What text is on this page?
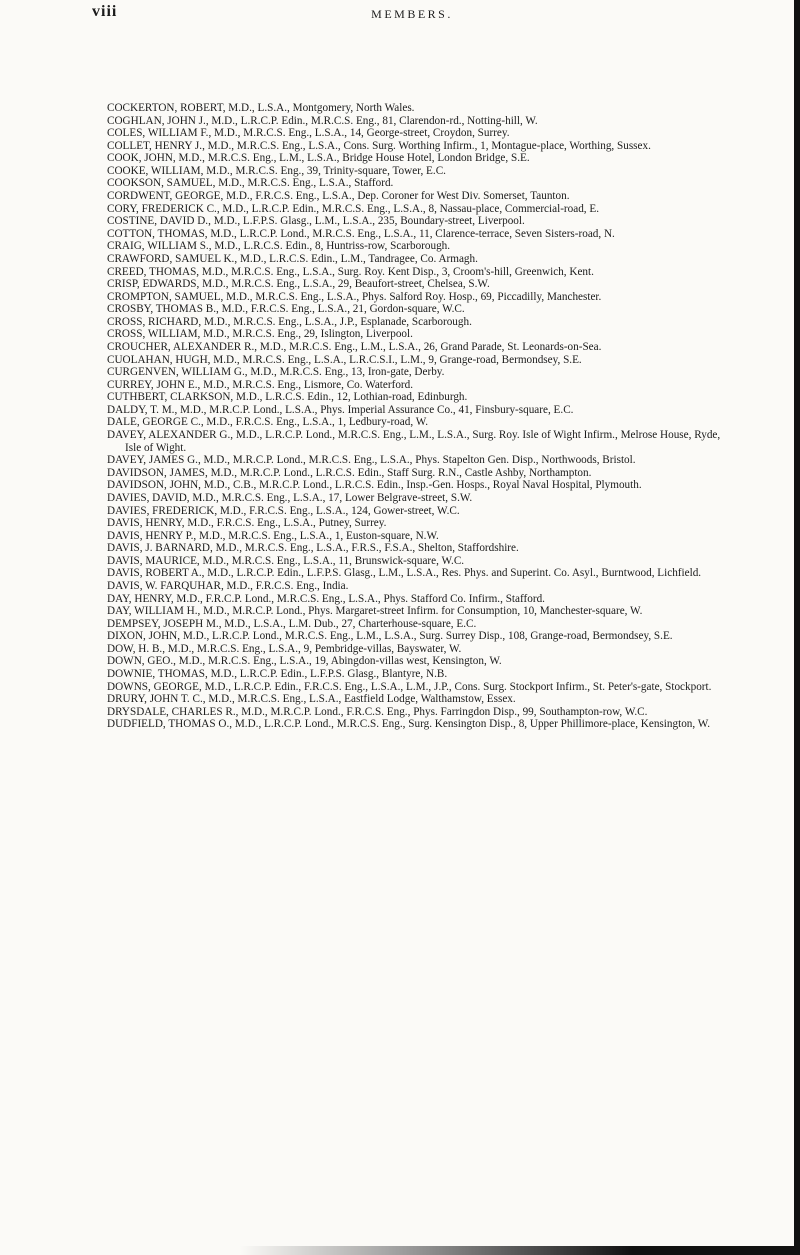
viii	MEMBERS.
COCKERTON, ROBERT, M.D., L.S.A., Montgomery, North Wales.
COGHLAN, JOHN J., M.D., L.R.C.P. Edin., M.R.C.S. Eng., 81, Clarendon-rd., Notting-hill, W.
COLES, WILLIAM F., M.D., M.R.C.S. Eng., L.S.A., 14, George-street, Croydon, Surrey.
COLLET, HENRY J., M.D., M.R.C.S. Eng., L.S.A., Cons. Surg. Worthing Infirm., 1, Montague-place, Worthing, Sussex.
COOK, JOHN, M.D., M.R.C.S. Eng., L.M., L.S.A., Bridge House Hotel, London Bridge, S.E.
COOKE, WILLIAM, M.D., M.R.C.S. Eng., 39, Trinity-square, Tower, E.C.
COOKSON, SAMUEL, M.D., M.R.C.S. Eng., L.S.A., Stafford.
CORDWENT, GEORGE, M.D., F.R.C.S. Eng., L.S.A., Dep. Coroner for West Div. Somerset, Taunton.
CORY, FREDERICK C., M.D., L.R.C.P. Edin., M.R.C.S. Eng., L.S.A., 8, Nassau-place, Commercial-road, E.
COSTINE, DAVID D., M.D., L.F.P.S. Glasg., L.M., L.S.A., 235, Boundary-street, Liverpool.
COTTON, THOMAS, M.D., L.R.C.P. Lond., M.R.C.S. Eng., L.S.A., 11, Clarence-terrace, Seven Sisters-road, N.
CRAIG, WILLIAM S., M.D., L.R.C.S. Edin., 8, Huntriss-row, Scarborough.
CRAWFORD, SAMUEL K., M.D., L.R.C.S. Edin., L.M., Tandragee, Co. Armagh.
CREED, THOMAS, M.D., M.R.C.S. Eng., L.S.A., Surg. Roy. Kent Disp., 3, Croom's-hill, Greenwich, Kent.
CRISP, EDWARDS, M.D., M.R.C.S. Eng., L.S.A., 29, Beaufort-street, Chelsea, S.W.
CROMPTON, SAMUEL, M.D., M.R.C.S. Eng., L.S.A., Phys. Salford Roy. Hosp., 69, Piccadilly, Manchester.
CROSBY, THOMAS B., M.D., F.R.C.S. Eng., L.S.A., 21, Gordon-square, W.C.
CROSS, RICHARD, M.D., M.R.C.S. Eng., L.S.A., J.P., Esplanade, Scarborough.
CROSS, WILLIAM, M.D., M.R.C.S. Eng., 29, Islington, Liverpool.
CROUCHER, ALEXANDER R., M.D., M.R.C.S. Eng., L.M., L.S.A., 26, Grand Parade, St. Leonards-on-Sea.
CUOLAHAN, HUGH, M.D., M.R.C.S. Eng., L.S.A., L.R.C.S.I., L.M., 9, Grange-road, Bermondsey, S.E.
CURGENVEN, WILLIAM G., M.D., M.R.C.S. Eng., 13, Iron-gate, Derby.
CURREY, JOHN E., M.D., M.R.C.S. Eng., Lismore, Co. Waterford.
CUTHBERT, CLARKSON, M.D., L.R.C.S. Edin., 12, Lothian-road, Edinburgh.
DALDY, T. M., M.D., M.R.C.P. Lond., L.S.A., Phys. Imperial Assurance Co., 41, Finsbury-square, E.C.
DALE, GEORGE C., M.D., F.R.C.S. Eng., L.S.A., 1, Ledbury-road, W.
DAVEY, ALEXANDER G., M.D., L.R.C.P. Lond., M.R.C.S. Eng., L.M., L.S.A., Surg. Roy. Isle of Wight Infirm., Melrose House, Ryde, Isle of Wight.
DAVEY, JAMES G., M.D., M.R.C.P. Lond., M.R.C.S. Eng., L.S.A., Phys. Stapelton Gen. Disp., Northwoods, Bristol.
DAVIDSON, JAMES, M.D., M.R.C.P. Lond., L.R.C.S. Edin., Staff Surg. R.N., Castle Ashby, Northampton.
DAVIDSON, JOHN, M.D., C.B., M.R.C.P. Lond., L.R.C.S. Edin., Insp.-Gen. Hosps., Royal Naval Hospital, Plymouth.
DAVIES, DAVID, M.D., M.R.C.S. Eng., L.S.A., 17, Lower Belgrave-street, S.W.
DAVIES, FREDERICK, M.D., F.R.C.S. Eng., L.S.A., 124, Gower-street, W.C.
DAVIS, HENRY, M.D., F.R.C.S. Eng., L.S.A., Putney, Surrey.
DAVIS, HENRY P., M.D., M.R.C.S. Eng., L.S.A., 1, Euston-square, N.W.
DAVIS, J. BARNARD, M.D., M.R.C.S. Eng., L.S.A., F.R.S., F.S.A., Shelton, Staffordshire.
DAVIS, MAURICE, M.D., M.R.C.S. Eng., L.S.A., 11, Brunswick-square, W.C.
DAVIS, ROBERT A., M.D., L.R.C.P. Edin., L.F.P.S. Glasg., L.M., L.S.A., Res. Phys. and Superint. Co. Asyl., Burntwood, Lichfield.
DAVIS, W. FARQUHAR, M.D., F.R.C.S. Eng., India.
DAY, HENRY, M.D., F.R.C.P. Lond., M.R.C.S. Eng., L.S.A., Phys. Stafford Co. Infirm., Stafford.
DAY, WILLIAM H., M.D., M.R.C.P. Lond., Phys. Margaret-street Infirm. for Consumption, 10, Manchester-square, W.
DEMPSEY, JOSEPH M., M.D., L.S.A., L.M. Dub., 27, Charterhouse-square, E.C.
DIXON, JOHN, M.D., L.R.C.P. Lond., M.R.C.S. Eng., L.M., L.S.A., Surg. Surrey Disp., 108, Grange-road, Bermondsey, S.E.
DOW, H. B., M.D., M.R.C.S. Eng., L.S.A., 9, Pembridge-villas, Bayswater, W.
DOWN, GEO., M.D., M.R.C.S. Eng., L.S.A., 19, Abingdon-villas west, Kensington, W.
DOWNIE, THOMAS, M.D., L.R.C.P. Edin., L.F.P.S. Glasg., Blantyre, N.B.
DOWNS, GEORGE, M.D., L.R.C.P. Edin., F.R.C.S. Eng., L.S.A., L.M., J.P., Cons. Surg. Stockport Infirm., St. Peter's-gate, Stockport.
DRURY, JOHN T. C., M.D., M.R.C.S. Eng., L.S.A., Eastfield Lodge, Walthamstow, Essex.
DRYSDALE, CHARLES R., M.D., M.R.C.P. Lond., F.R.C.S. Eng., Phys. Farringdon Disp., 99, Southampton-row, W.C.
DUDFIELD, THOMAS O., M.D., L.R.C.P. Lond., M.R.C.S. Eng., Surg. Kensington Disp., 8, Upper Phillimore-place, Kensington, W.
